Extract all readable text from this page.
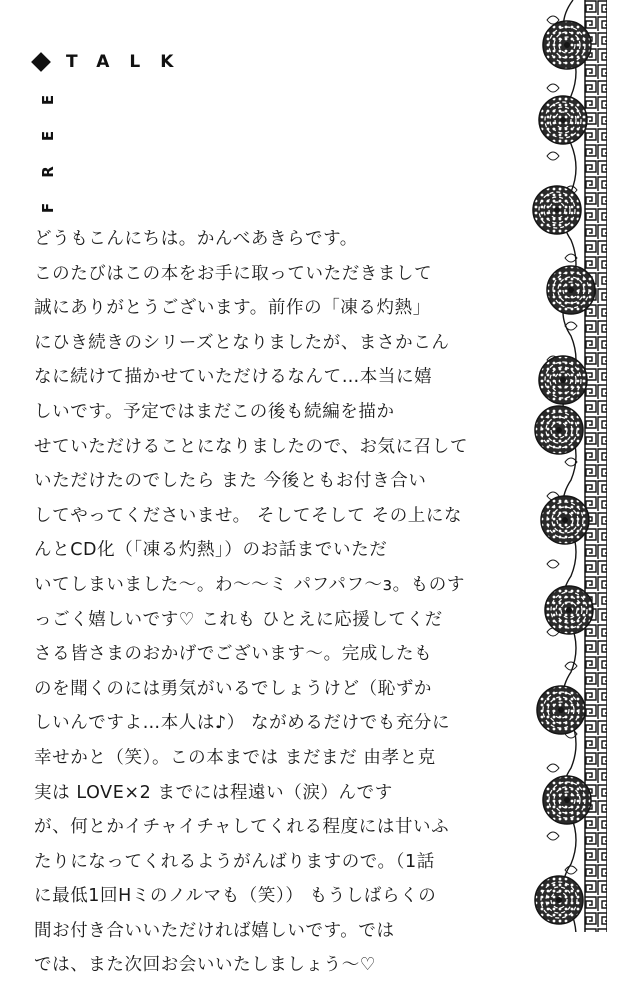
TALK
E
E
R
F
どうもこんにちは。かんべあきらです。
このたびはこの本をお手に取っていただきまして
誠にありがとうございます。前作の「凍る灼熱」
にひき続きのシリーズとなりましたが、まさかこん
なに続けて描かせていただけるなんて…本当に嬉
しいです。予定ではまだこの後も続編を描か
せていただけることになりましたので、お気に召して
いただけたのでしたら また 今後ともお付き合い
してやってくださいませ。 そしてそして その上にな
んとCD化（「凍る灼熱」）のお話までいただ
いてしまいました～。わ～～ミ パフパフ～з。ものす
っごく嬉しいです♡ これも ひとえに応援してくだ
さる皆さまのおかげでございます～。完成したも
のを聞くのには勇気がいるでしょうけど（恥ずか
しいんですよ…本人は♪） ながめるだけでも充分に
幸せかと（笑）。この本までは まだまだ 由孝と克
実は LOVE×2 までには程遠い（涙）んです
が、何とかイチャイチャしてくれる程度には甘いふ
たりになってくれるようがんばりますので。（1話
に最低1回Hミのノルマも（笑）） もうしばらくの
間お付き合いいただければ嬉しいです。では
では、また次回お会いいたしましょう～♡
